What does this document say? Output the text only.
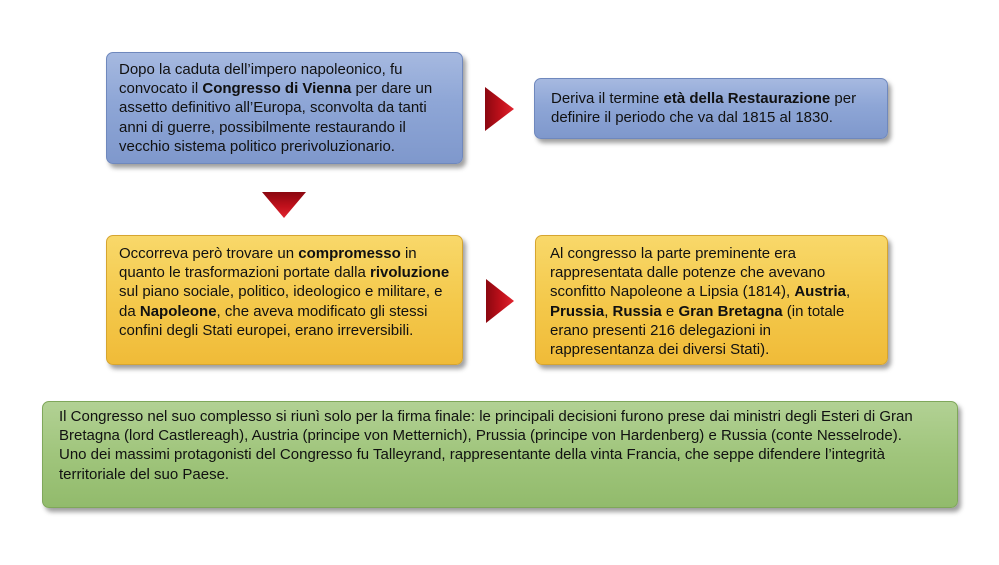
Dopo la caduta dell’impero napoleonico, fu convocato il Congresso di Vienna per dare un assetto definitivo all’Europa, sconvolta da tanti anni di guerre, possibilmente restaurando il vecchio sistema politico prerivoluzionario.
Deriva il termine età della Restaurazione per definire il periodo che va dal 1815 al 1830.
Occorreva però trovare un compromesso in quanto le trasformazioni portate dalla rivoluzione sul piano sociale, politico, ideologico e militare, e da Napoleone, che aveva modificato gli stessi confini degli Stati europei, erano irreversibili.
Al congresso la parte preminente era rappresentata dalle potenze che avevano sconfitto Napoleone a Lipsia (1814), Austria, Prussia, Russia e Gran Bretagna (in totale erano presenti 216 delegazioni in rappresentanza dei diversi Stati).
Il Congresso nel suo complesso si riunì solo per la firma finale: le principali decisioni furono prese dai ministri degli Esteri di Gran Bretagna (lord Castlereagh), Austria (principe von Metternich), Prussia (principe von Hardenberg) e Russia (conte Nesselrode).
Uno dei massimi protagonisti del Congresso fu Talleyrand, rappresentante della vinta Francia, che seppe difendere l’integrità territoriale del suo Paese.
